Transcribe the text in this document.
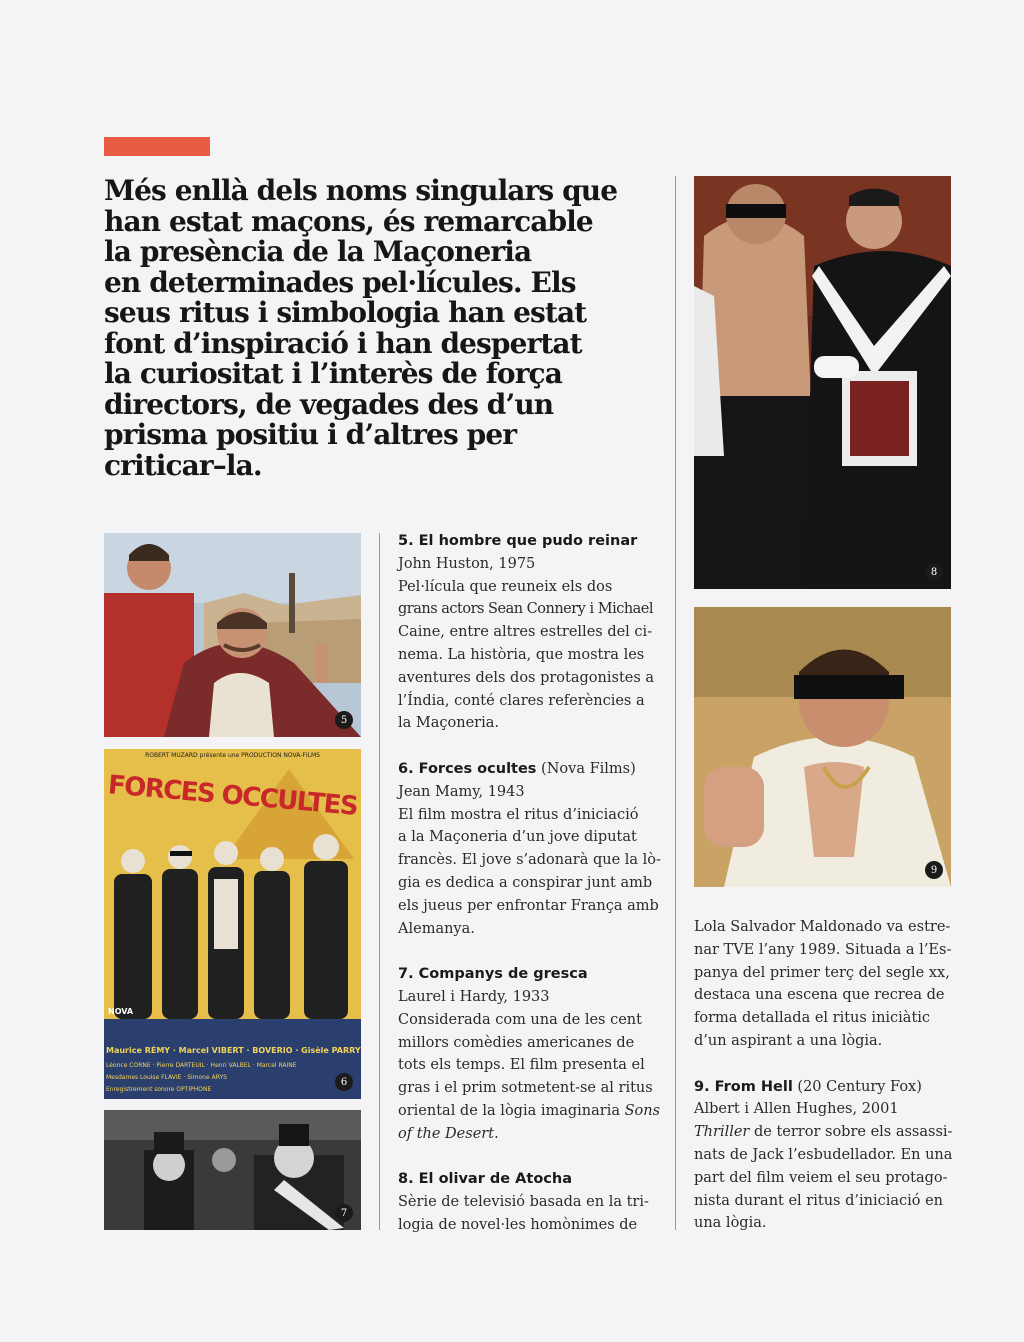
Més enllà dels noms singulars que
han estat maçons, és remarcable
la presència de la Maçoneria
en determinades pel·lícules. Els
seus ritus i simbologia han estat
font d’inspiració i han despertat
la curiositat i l’interès de força
directors, de vegades des d’un
prisma positiu i d’altres per
criticar–la.
5
ROBERT MUZARD présente une PRODUCTION NOVA-FILMS
FORCES OCCULTES
NOVA
Maurice RÉMY · Marcel VIBERT · BOVERIO · Gisèle PARRY
Léonce CORNE · Pierre DARTEUIL · Henri VALBEL · Marcel RAINE
Mesdames Louise FLAVIE · Simone ARYS
Enregistrement sonore OPTIPHONE
6
7
8
9
5. El hombre que pudo reinar
John Huston, 1975
Pel·lícula que reuneix els dos
grans actors Sean Connery i Michael
Caine, entre altres estrelles del ci-
nema. La història, que mostra les
aventures dels dos protagonistes a
l’Índia, conté clares referències a
la Maçoneria.
6. Forces ocultes (Nova Films)
Jean Mamy, 1943
El film mostra el ritus d’iniciació
a la Maçoneria d’un jove diputat
francès. El jove s’adonarà que la lò-
gia es dedica a conspirar junt amb
els jueus per enfrontar França amb
Alemanya.
7. Companys de gresca
Laurel i Hardy, 1933
Considerada com una de les cent
millors comèdies americanes de
tots els temps. El film presenta el
gras i el prim sotmetent-se al ritus
oriental de la lògia imaginaria Sons
of the Desert.
8. El olivar de Atocha
Sèrie de televisió basada en la tri-
logia de novel·les homònimes de
Lola Salvador Maldonado va estre-
nar TVE l’any 1989. Situada a l’Es-
panya del primer terç del segle xx,
destaca una escena que recrea de
forma detallada el ritus iniciàtic
d’un aspirant a una lògia.
9. From Hell (20 Century Fox)
Albert i Allen Hughes, 2001
Thriller de terror sobre els assassi-
nats de Jack l’esbudellador. En una
part del film veiem el seu protago-
nista durant el ritus d’iniciació en
una lògia.
